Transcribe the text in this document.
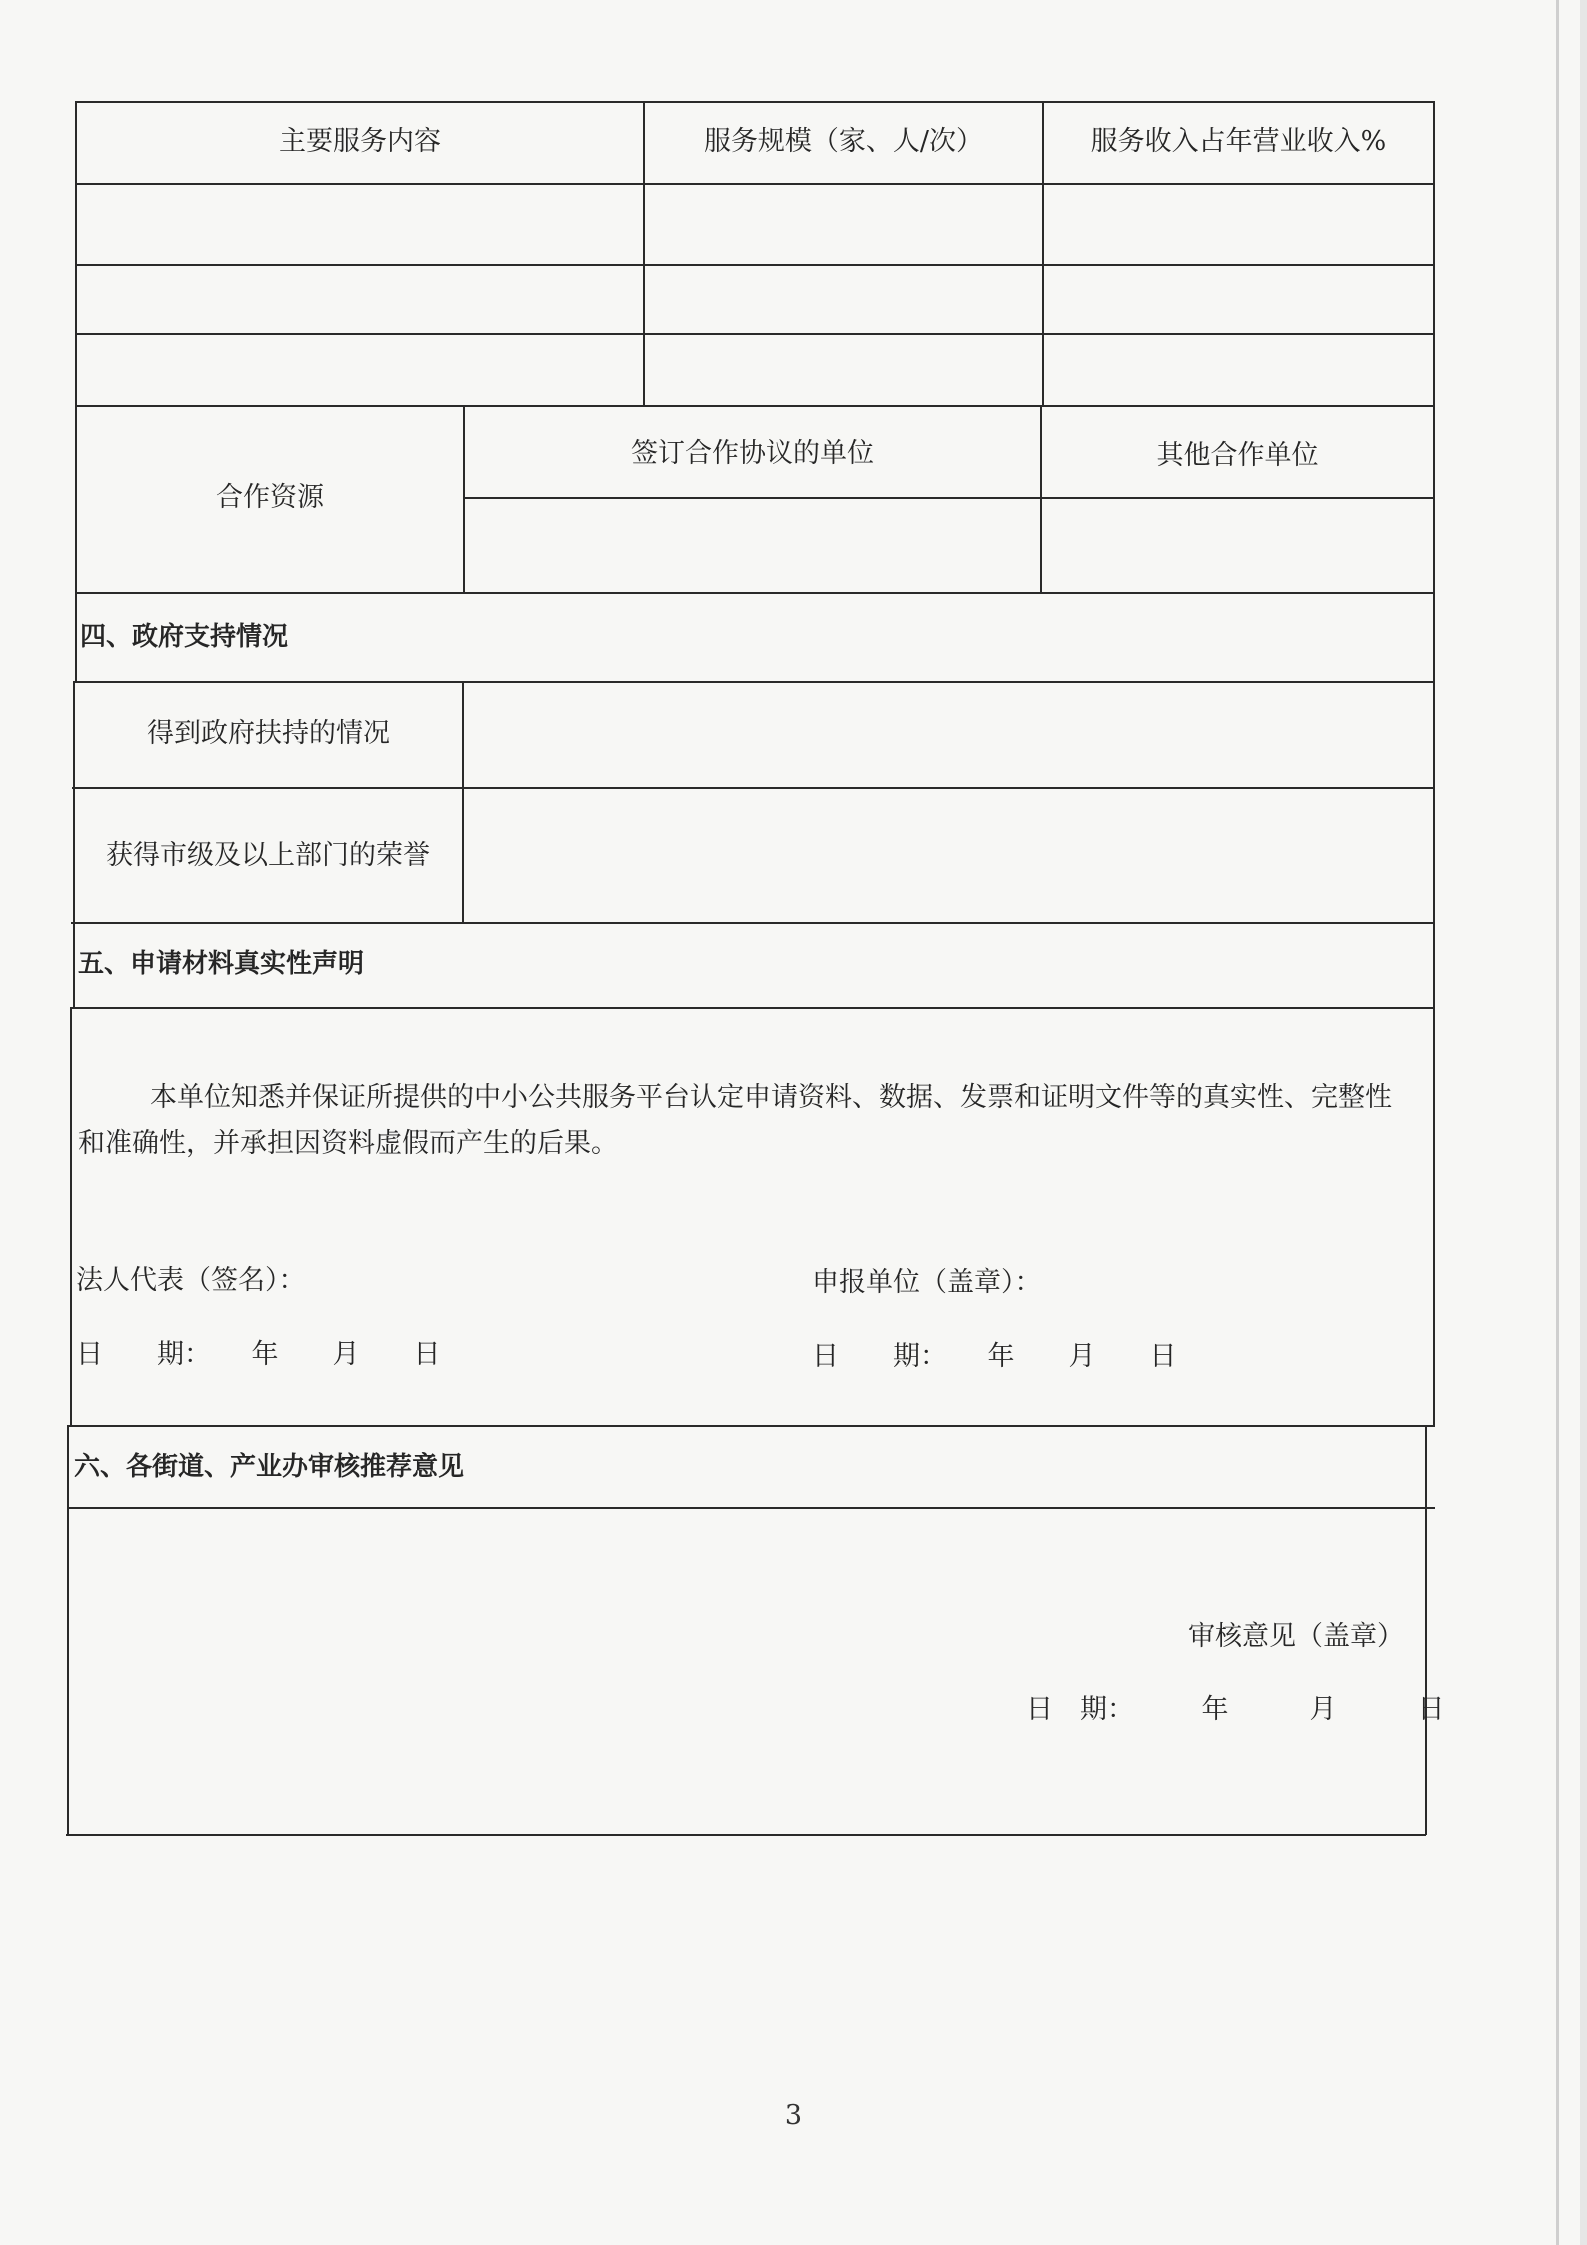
主要服务内容	服务规模（家、人/次）	服务收入占年营业收入%
合作资源
签订合作协议的单位	其他合作单位
四、政府支持情况
得到政府扶持的情况
获得市级及以上部门的荣誉
五、申请材料真实性声明
本单位知悉并保证所提供的中小公共服务平台认定申请资料、数据、发票和证明文件等的真实性、完整性和准确性，并承担因资料虚假而产生的后果。
法人代表（签名）：	申报单位（盖章）：
日　　期：　　年　　月　　日	日　　期：　　年　　月　　日
六、各街道、产业办审核推荐意见
审核意见（盖章）
日　期：　　　年　　　月　　　日
3
